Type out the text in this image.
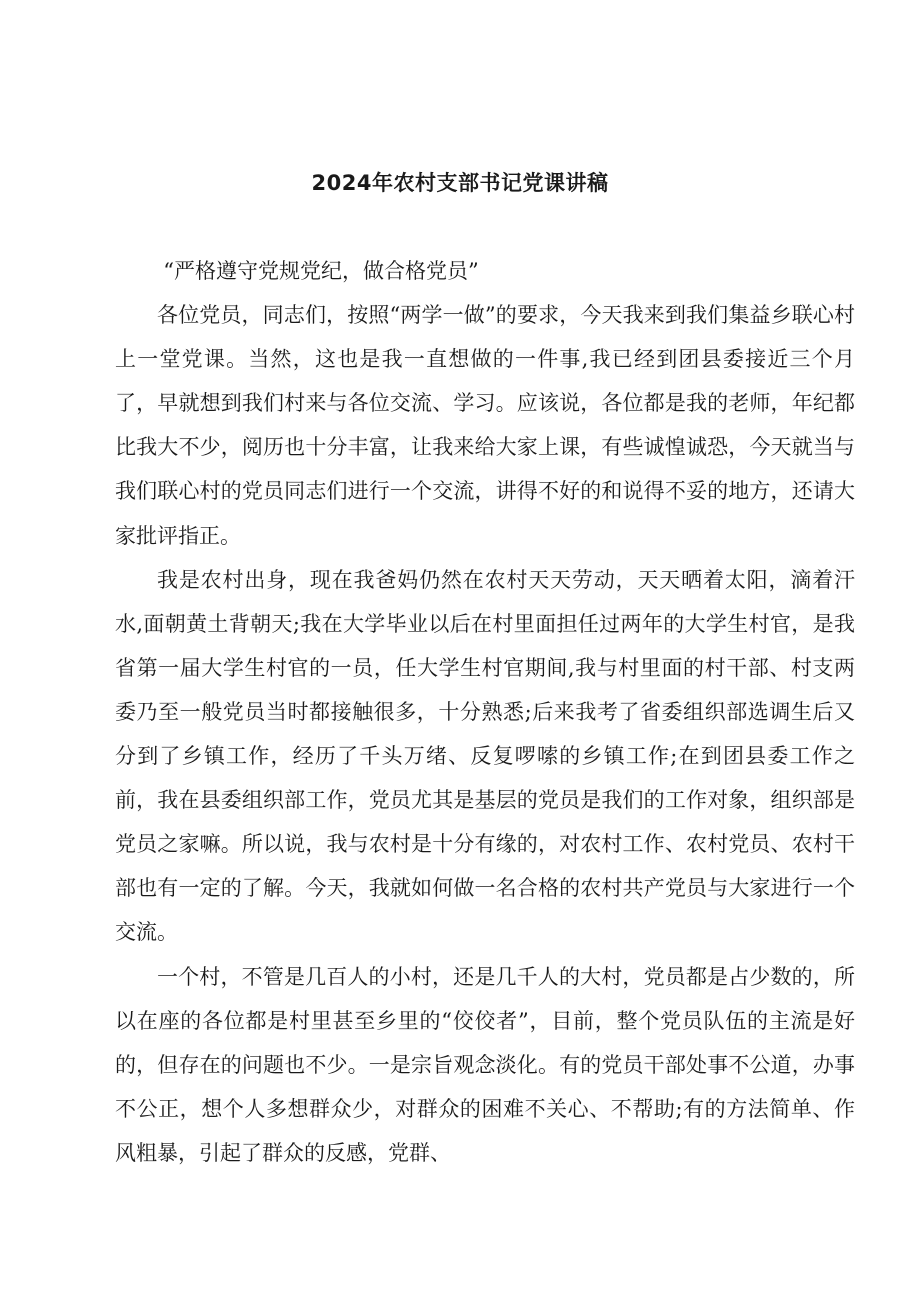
2024年农村支部书记党课讲稿

“严格遵守党规党纪，做合格党员”

各位党员，同志们，按照“两学一做”的要求，今天我来到我们集益乡联心村上一堂党课。当然，这也是我一直想做的一件事,我已经到团县委接近三个月了，早就想到我们村来与各位交流、学习。应该说，各位都是我的老师，年纪都比我大不少，阅历也十分丰富，让我来给大家上课，有些诚惶诚恐，今天就当与我们联心村的党员同志们进行一个交流，讲得不好的和说得不妥的地方，还请大家批评指正。

我是农村出身，现在我爸妈仍然在农村天天劳动，天天晒着太阳，滴着汗水,面朝黄土背朝天;我在大学毕业以后在村里面担任过两年的大学生村官，是我省第一届大学生村官的一员，任大学生村官期间,我与村里面的村干部、村支两委乃至一般党员当时都接触很多，十分熟悉;后来我考了省委组织部选调生后又分到了乡镇工作，经历了千头万绪、反复啰嗦的乡镇工作;在到团县委工作之前，我在县委组织部工作，党员尤其是基层的党员是我们的工作对象，组织部是党员之家嘛。所以说，我与农村是十分有缘的，对农村工作、农村党员、农村干部也有一定的了解。今天，我就如何做一名合格的农村共产党员与大家进行一个交流。

一个村，不管是几百人的小村，还是几千人的大村，党员都是占少数的，所以在座的各位都是村里甚至乡里的“佼佼者”，目前，整个党员队伍的主流是好的，但存在的问题也不少。一是宗旨观念淡化。有的党员干部处事不公道，办事不公正，想个人多想群众少，对群众的困难不关心、不帮助;有的方法简单、作风粗暴，引起了群众的反感，党群、
